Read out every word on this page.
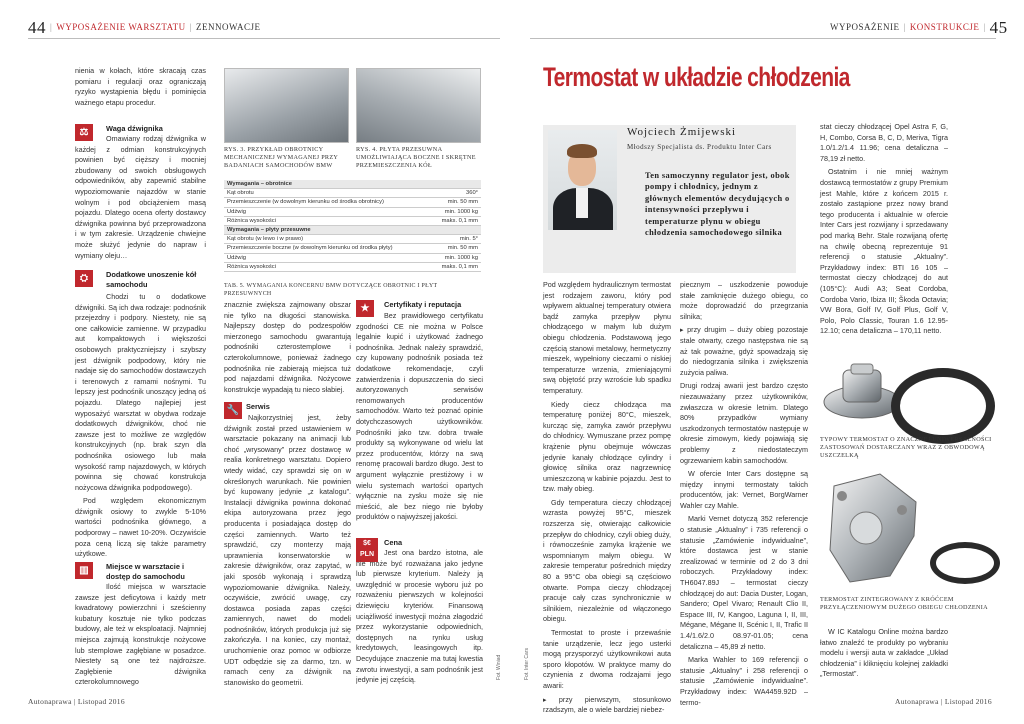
44 | WYPOSAŻENIE WARSZTATU | ZENNOWACJE

nienia w kołach, które skracają czas pomiaru i regulacji oraz ograniczają ryzyko wystąpienia błędu i pominięcia ważnego etapu procedur.

⚖	Waga dźwignika

Omawiany rodzaj dźwignika w każdej z odmian konstrukcyjnych powinien być cięższy i mocniej zbudowany od swoich obsługowych odpowiedników, aby zapewnić stabilne wypoziomowanie najazdów w stanie wolnym i pod obciążeniem masą pojazdu. Dlatego ocena oferty dostawcy dźwignika powinna być przeprowadzona i w tym zakresie. Urządzenie chwiejne może służyć jedynie do napraw i wymiany oleju…

⛭	Dodatkowe unoszenie kół samochodu

Chodzi tu o dodatkowe dźwigniki. Są ich dwa rodzaje: podnośnik przejezdny i podpory. Niestety, nie są one całkowicie zamienne. W przypadku aut kompaktowych i większości osobowych praktyczniejszy i szybszy jest dźwignik podpodowy, który nie nadaje się do samochodów dostawczych i terenowych z ramami nośnymi. Tu lepszy jest podnośnik unoszący jedną oś pojazdu. Dlatego najlepiej jest wyposażyć warsztat w obydwa rodzaje dodatkowych dźwigników, choć nie zawsze jest to możliwe ze względów konstrukcyjnych (np. brak szyn dla podnośnika osiowego lub mała wysokość ramp najazdowych, w których powinna się chować konstrukcja nożycowa dźwignika podpodowego).

Pod względem ekonomicznym dźwignik osiowy to zwykle 5-10% wartości podnośnika głównego, a podporowy – nawet 10-20%. Oczywiście poza ceną liczą się także parametry użytkowe.

▥	Miejsce w warsztacie i dostęp do samochodu

Ilość miejsca w warsztacie zawsze jest deficytowa i każdy metr kwadratowy powierzchni i sześcienny kubatury kosztuje nie tylko podczas budowy, ale też w eksploatacji. Najmniej miejsca zajmują konstrukcje nożycowe lub stemplowe zagłębiane w posadzce. Niestety są one też najdroższe. Zagłębienie dźwignika czterokolumnowego

RYS. 3. PRZYKŁAD OBROTNICY MECHANICZNEJ WYMAGANEJ PRZY BADANIACH SAMOCHODÓW BMW
RYS. 4. PŁYTA PRZESUWNA UMOŻLIWIAJĄCA BOCZNE I SKRĘTNE PRZEMIESZCZENIA KÓŁ
Wymagania – obrotnice	
Kąt obrotu	360°
Przemieszczenie (w dowolnym kierunku od środka obrotnicy)	min. 50 mm
Udźwig	min. 1000 kg
Różnica wysokości	maks. 0,1 mm
Wymagania – płyty przesuwne	
Kąt obrotu (w lewo i w prawo)	min. 5°
Przemieszczenie boczne (w dowolnym kierunku od środka płyty)	min. 50 mm
Udźwig	min. 1000 kg
Różnica wysokości	maks. 0,1 mm
TAB. 5. WYMAGANIA KONCERNU BMW DOTYCZĄCE OBROTNIC I PŁYT PRZESUWNYCH

znacznie zwiększa zajmowany obszar nie tylko na długości stanowiska. Najlepszy dostęp do podzespołów mierzonego samochodu gwarantują podnośniki czterostemplowe i czterokolumnowe, ponieważ żadnego podnośnika nie zabierają miejsca tuż pod najazdami dźwignika. Nożycowe konstrukcje wypadają tu nieco słabiej.

🔧 Serwis

Najkorzystniej jest, żeby dźwignik został przed ustawieniem w warsztacie pokazany na animacji lub choć „wrysowany” przez dostawcę w realia konkretnego warsztatu. Dopiero wtedy widać, czy sprawdzi się on w określonych warunkach. Nie powinien być kupowany jedynie „z katalogu”. Instalacji dźwignika powinna dokonać ekipa autoryzowana przez jego producenta i posiadająca dostęp do części zamiennych. Warto też sprawdzić, czy monterzy mają uprawnienia konserwatorskie w zakresie dźwigników, oraz zapytać, w jaki sposób wykonają i sprawdzą wypoziomowanie dźwignika. Należy, oczywiście, zwrócić uwagę, czy dostawca posiada zapas części zamiennych, nawet do modeli podnośników, których produkcja już się zakończyła. I na koniec, czy montaż, uruchomienie oraz pomoc w odbiorze UDT odbędzie się za darmo, tzn. w ramach ceny za dźwignik na stanowisko do geometrii.

★	Certyfikaty i reputacja

Bez prawidłowego certyfikatu zgodności CE nie można w Polsce legalnie kupić i użytkować żadnego podnośnika. Jednak należy sprawdzić, czy kupowany podnośnik posiada też dodatkowe rekomendacje, czyli zatwierdzenia i dopuszczenia do sieci autoryzowanych serwisów renomowanych producentów samochodów. Warto też poznać opinie dotychczasowych użytkowników. Podnośniki jako tzw. dobra trwałe produkty są wykonywane od wielu lat przez producentów, którzy na swą renomę pracowali bardzo długo. Jest to argument wyłącznie prestiżowy i w wielu systemach wartości opartych wyłącznie na zysku może się nie mieścić, ale bez niego nie byłoby produktów o najwyższej jakości.

$€
PLN
Cena

Jest ona bardzo istotna, ale nie może być rozważana jako jedyne lub pierwsze kryterium. Należy ją uwzględnić w procesie wyboru już po rozważeniu pierwszych w kolejności dziewięciu kryteriów. Finansową uciążliwość inwestycji można złagodzić przez wykorzystanie odpowiednich, dostępnych na rynku usług kredytowych, leasingowych itp. Decydujące znaczenie ma tutaj kwestia zwrotu inwestycji, a sam podnośnik jest jedynie jej częścią.	Fot. Winiad
Autonaprawa | Listopad 2016
WYPOSAŻENIE | KONSTRUKCJE | 45
Termostat w układzie chłodzenia
Wojciech Żmijewski
Młodszy Specjalista ds. Produktu Inter Cars
Ten samoczynny regulator jest, obok pompy i chłodnicy, jednym z głównych elementów decydujących o intensywności przepływu i temperaturze płynu w obiegu chłodzenia samochodowego silnika

Pod względem hydraulicznym termostat jest rodzajem zaworu, który pod wpływem aktualnej temperatury otwiera bądź zamyka przepływ płynu chłodzącego w małym lub dużym obiegu chłodzenia. Podstawową jego częścią stanowi metalowy, hermetyczny mieszek, wypełniony cieczami o niskiej temperaturze wrzenia, zmieniającymi swą objętość przy wzroście lub spadku temperatury.

Kiedy ciecz chłodząca ma temperaturę poniżej 80°C, mieszek, kurcząc się, zamyka zawór przepływu do chłodnicy. Wymuszane przez pompę krążenie płynu obejmuje wówczas jedynie kanały chłodzące cylindry i głowicę silnika oraz nagrzewnicę umieszczoną w kabinie pojazdu. Jest to tzw. mały obieg.

Gdy temperatura cieczy chłodzącej wzrasta powyżej 95°C, mieszek rozszerza się, otwierając całkowicie przepływ do chłodnicy, czyli obieg duży, i równocześnie zamyka krążenie we wspomnianym małym obiegu. W zakresie temperatur pośrednich między 80 a 95°C oba obiegi są częściowo otwarte. Pompa cieczy chłodzącej pracuje cały czas synchronicznie w silnikiem, niezależnie od włączonego obiegu.

Termostat to proste i przewaśnie tanie urządzenie, lecz jego usterki mogą przysporzyć użytkownikowi auta sporo kłopotów. W praktyce mamy do czynienia z dwoma rodzajami jego awarii:

▸ przy pierwszym, stosunkowo rzadszym, ale o wiele bardziej niebez-

Fot. Inter Cars

piecznym – uszkodzenie powoduje stałe zamknięcie dużego obiegu, co może doprowadzić do przegrzania silnika;

▸ przy drugim – duży obieg pozostaje stale otwarty, czego następstwa nie są aż tak poważne, gdyż spowadzają się do niedogrzania silnika i zwiększenia zużycia paliwa.

Drugi rodzaj awarii jest bardzo często niezauważany przez użytkowników, zwłaszcza w okresie letnim. Dlatego 80% przypadków wymiany uszkodzonych termostatów następuje w okresie zimowym, kiedy pojawiają się problemy z niedostateczym ogrzewaniem kabin samochodów.

W ofercie Inter Cars dostępne są między innymi termostaty takich producentów, jak: Vernet, BorgWarner Wahler czy Mahle.

Marki Vernet dotyczą 352 referencje o statusie „Aktualny” i 735 referencji o statusie „Zamówienie indywidualne”, które dostawca jest w stanie zrealizować w terminie od 2 do 3 dni roboczych. Przykładowy index: TH6047.89J – termostat cieczy chłodzącej do aut: Dacia Duster, Logan, Sandero; Opel Vivaro; Renault Clio II, Espace III, IV, Kangoo, Laguna I, II, III, Mégane, Mégane II, Scénic I, II, Trafic II 1.4/1.6/2.0 08.97-01.05; cena detaliczna – 45,89 zł netto.

Marka Wahler to 169 referencji o statusie „Aktualny” i 258 referencji o statusie „Zamówienie indywidualne”. Przykładowy index: WA4459.92D – termo-

stat cieczy chłodzącej Opel Astra F, G, H, Combo, Corsa B, C, D, Meriva, Tigra 1.0/1.2/1.4 11.96; cena detaliczna – 78,19 zł netto.

Ostatnim i nie mniej ważnym dostawcą termostatów z grupy Premium jest Mahle, które z końcem 2015 r. zostało zastąpione przez nowy brand tego producenta i aktualnie w ofercie Inter Cars jest rozwijany i sprzedawany pod marką Behr. Stale rozwijaną ofertę na chwilę obecną reprezentuje 91 referencji o statusie „Aktualny”. Przykładowy index: BTI 16 105 – termostat cieczy chłodzącej do aut (105°C): Audi A3; Seat Cordoba, Cordoba Vario, Ibiza III; Škoda Octavia; VW Bora, Golf IV, Golf Plus, Golf V, Polo, Polo Classic, Touran 1.6 12.95-12.10; cena detaliczna – 170,11 netto.

TYPOWY TERMOSTAT O ZNACZNEJ UNIWERSALNOŚCI ZASTOSOWAŃ DOSTARCZANY WRAZ Z OBWODOWĄ USZCZELKĄ
TERMOSTAT ZINTEGROWANY Z KRÓĆCEM PRZYŁĄCZENIOWYM DUŻEGO OBIEGU CHŁODZENIA

W IC Katalogu Online można bardzo łatwo znaleźć te produkty po wybraniu modelu i wersji auta w zakładce „Układ chłodzenia” i kliknięciu kolejnej zakładki „Termostat”.

Autonaprawa | Listopad 2016
